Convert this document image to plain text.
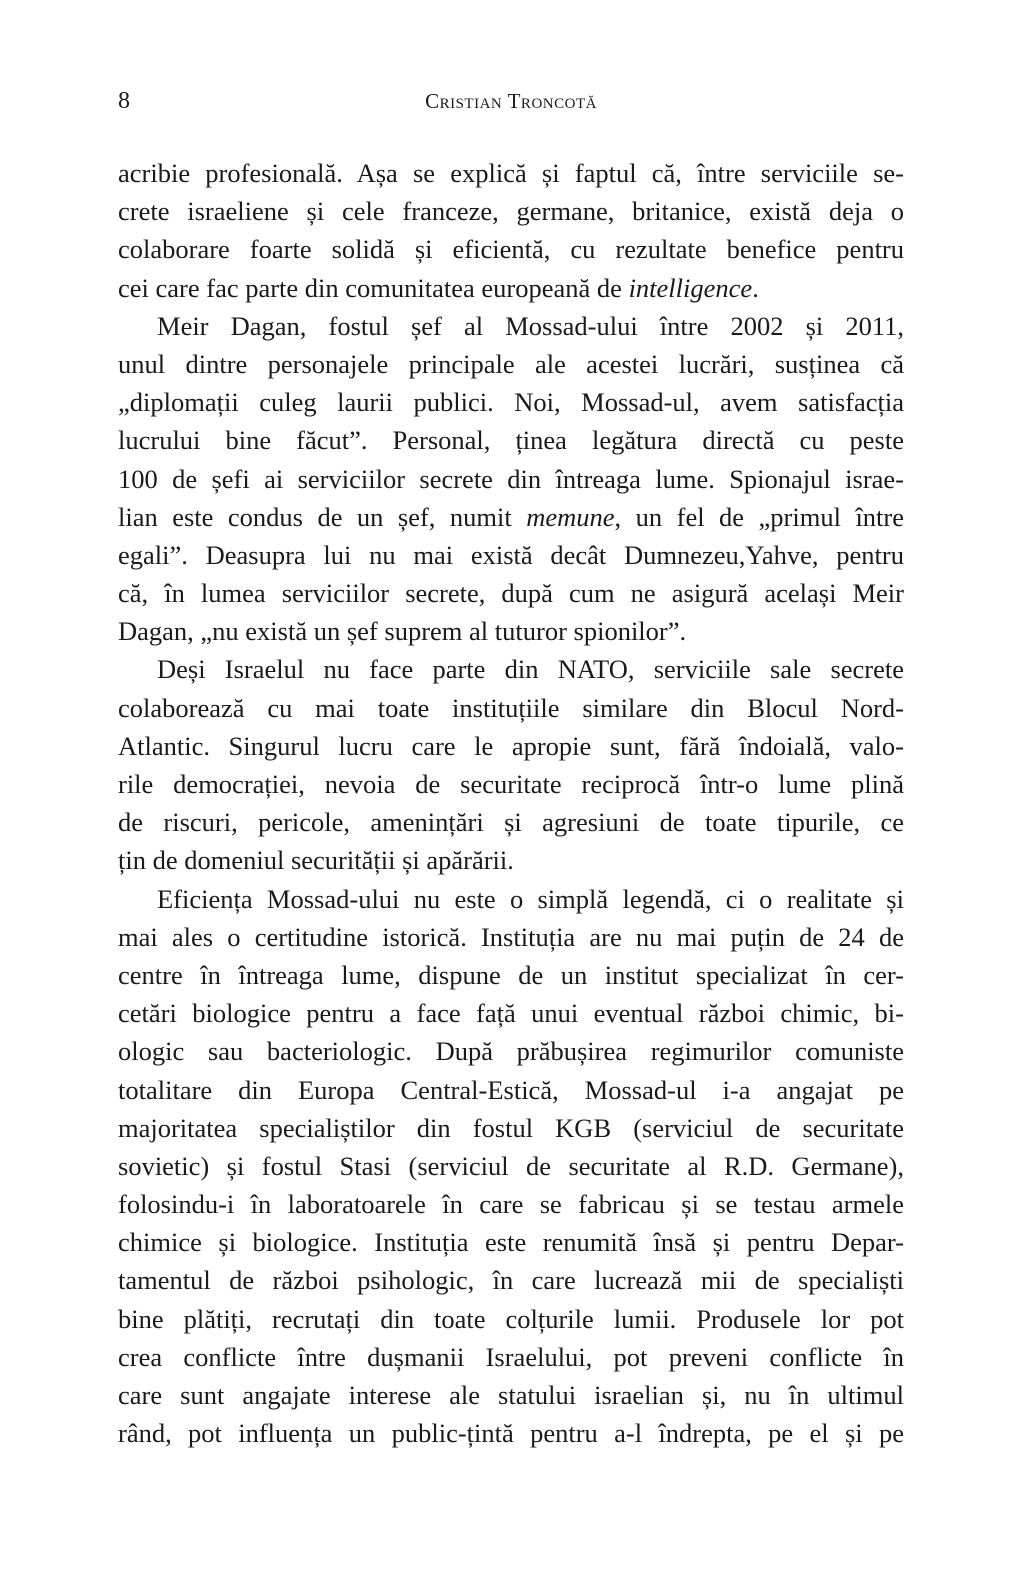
8	Cristian Troncotă
acribie profesională. Așa se explică și faptul că, între serviciile se-
crete israeliene și cele franceze, germane, britanice, există deja o
colaborare foarte solidă și eficientă, cu rezultate benefice pentru
cei care fac parte din comunitatea europeană de intelligence.
Meir Dagan, fostul șef al Mossad-ului între 2002 și 2011,
unul dintre personajele principale ale acestei lucrări, susținea că
„diplomații culeg laurii publici. Noi, Mossad-ul, avem satisfacția
lucrului bine făcut”. Personal, ținea legătura directă cu peste
100 de șefi ai serviciilor secrete din întreaga lume. Spionajul israe-
lian este condus de un șef, numit memune, un fel de „primul între
egali”. Deasupra lui nu mai există decât Dumnezeu,Yahve, pentru
că, în lumea serviciilor secrete, după cum ne asigură același Meir
Dagan, „nu există un șef suprem al tuturor spionilor”.
Deși Israelul nu face parte din NATO, serviciile sale secrete
colaborează cu mai toate instituțiile similare din Blocul Nord-
Atlantic. Singurul lucru care le apropie sunt, fără îndoială, valo-
rile democrației, nevoia de securitate reciprocă într-o lume plină
de riscuri, pericole, amenințări și agresiuni de toate tipurile, ce
țin de domeniul securității și apărării.
Eficiența Mossad-ului nu este o simplă legendă, ci o realitate și
mai ales o certitudine istorică. Instituția are nu mai puțin de 24 de
centre în întreaga lume, dispune de un institut specializat în cer-
cetări biologice pentru a face față unui eventual război chimic, bi-
ologic sau bacteriologic. După prăbușirea regimurilor comuniste
totalitare din Europa Central-Estică, Mossad-ul i-a angajat pe
majoritatea specialiștilor din fostul KGB (serviciul de securitate
sovietic) și fostul Stasi (serviciul de securitate al R.D. Germane),
folosindu-i în laboratoarele în care se fabricau și se testau armele
chimice și biologice. Instituția este renumită însă și pentru Depar-
tamentul de război psihologic, în care lucrează mii de specialiști
bine plătiți, recrutați din toate colțurile lumii. Produsele lor pot
crea conflicte între dușmanii Israelului, pot preveni conflicte în
care sunt angajate interese ale statului israelian și, nu în ultimul
rând, pot influența un public-țintă pentru a-l îndrepta, pe el și pe
